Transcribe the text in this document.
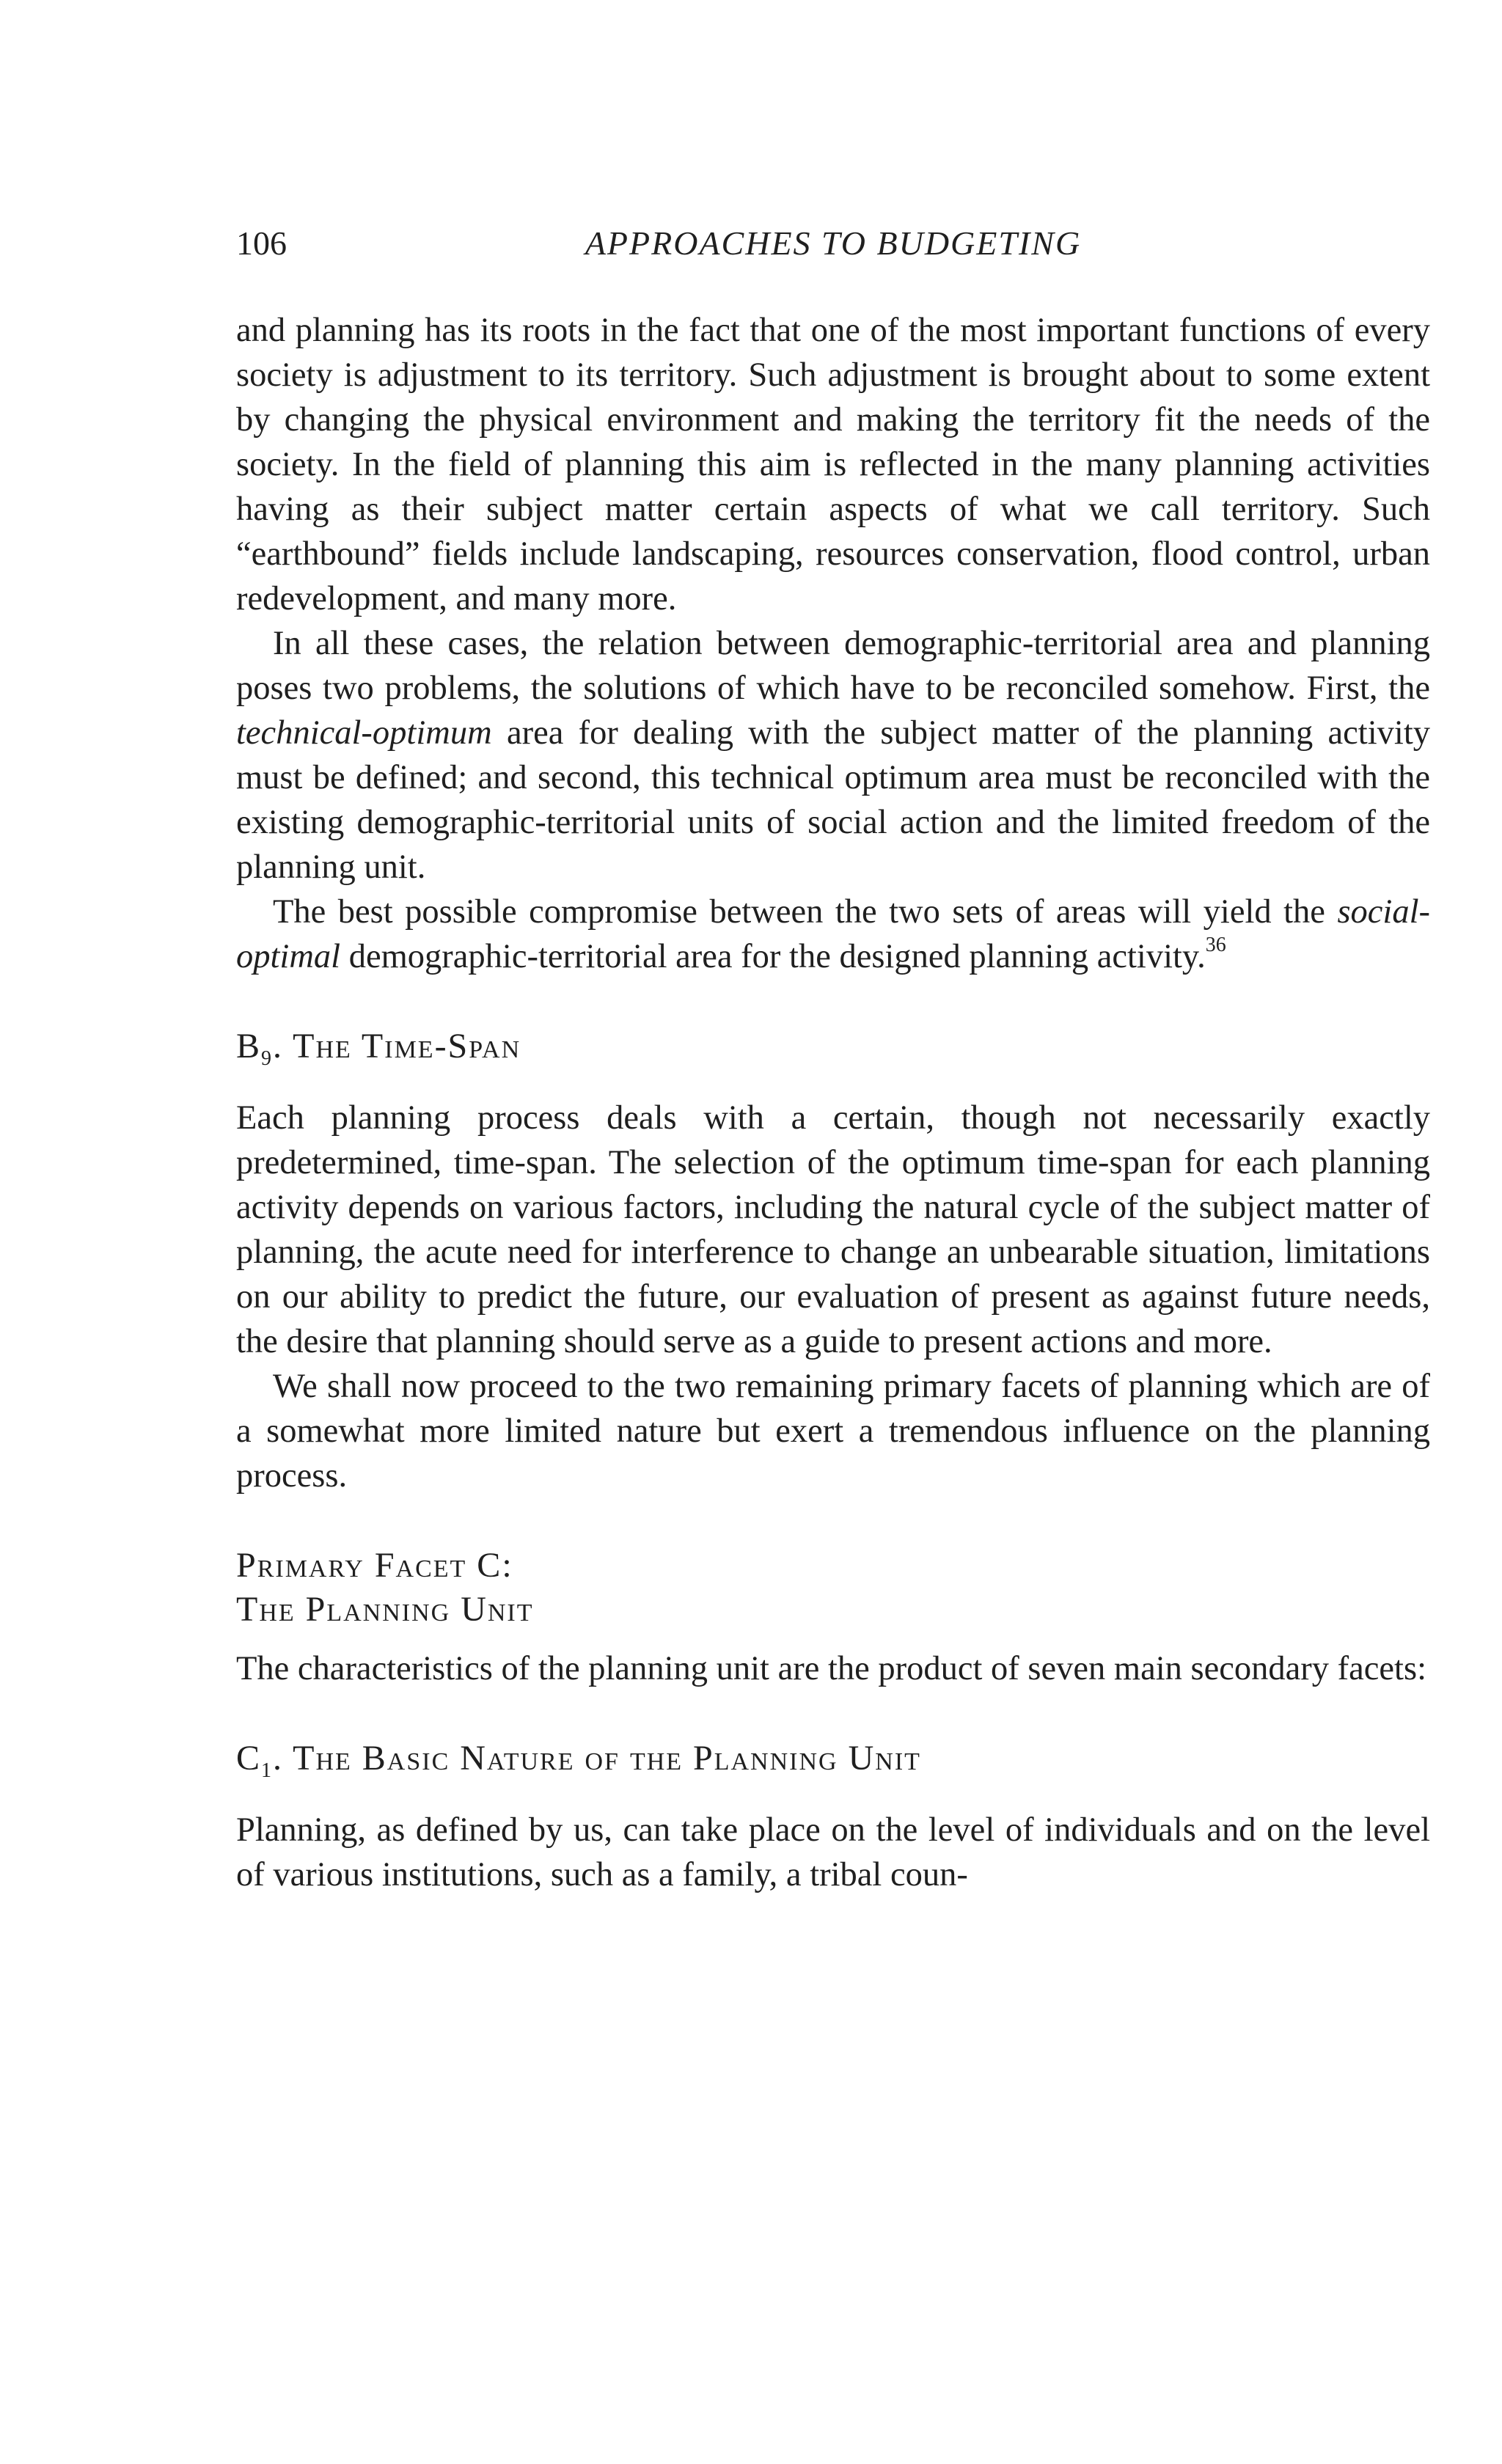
106	APPROACHES TO BUDGETING

and planning has its roots in the fact that one of the most important functions of every society is adjustment to its territory. Such adjustment is brought about to some extent by changing the physical environment and making the territory fit the needs of the society. In the field of planning this aim is reflected in the many planning activities having as their subject matter certain aspects of what we call territory. Such “earthbound” fields include landscaping, resources conservation, flood control, urban redevelopment, and many more.

In all these cases, the relation between demographic-territorial area and planning poses two problems, the solutions of which have to be reconciled somehow. First, the technical-optimum area for dealing with the subject matter of the planning activity must be defined; and second, this technical optimum area must be reconciled with the existing demographic-territorial units of social action and the limited freedom of the planning unit.

The best possible compromise between the two sets of areas will yield the social-optimal demographic-territorial area for the designed planning activity.$^{36}$

$B_9$. The Time-Span

Each planning process deals with a certain, though not necessarily exactly predetermined, time-span. The selection of the optimum time-span for each planning activity depends on various factors, including the natural cycle of the subject matter of planning, the acute need for interference to change an unbearable situation, limitations on our ability to predict the future, our evaluation of present as against future needs, the desire that planning should serve as a guide to present actions and more.

We shall now proceed to the two remaining primary facets of planning which are of a somewhat more limited nature but exert a tremendous influence on the planning process.

Primary Facet C:
The Planning Unit

The characteristics of the planning unit are the product of seven main secondary facets:

$C_1$. The Basic Nature of the Planning Unit

Planning, as defined by us, can take place on the level of individuals and on the level of various institutions, such as a family, a tribal coun-
